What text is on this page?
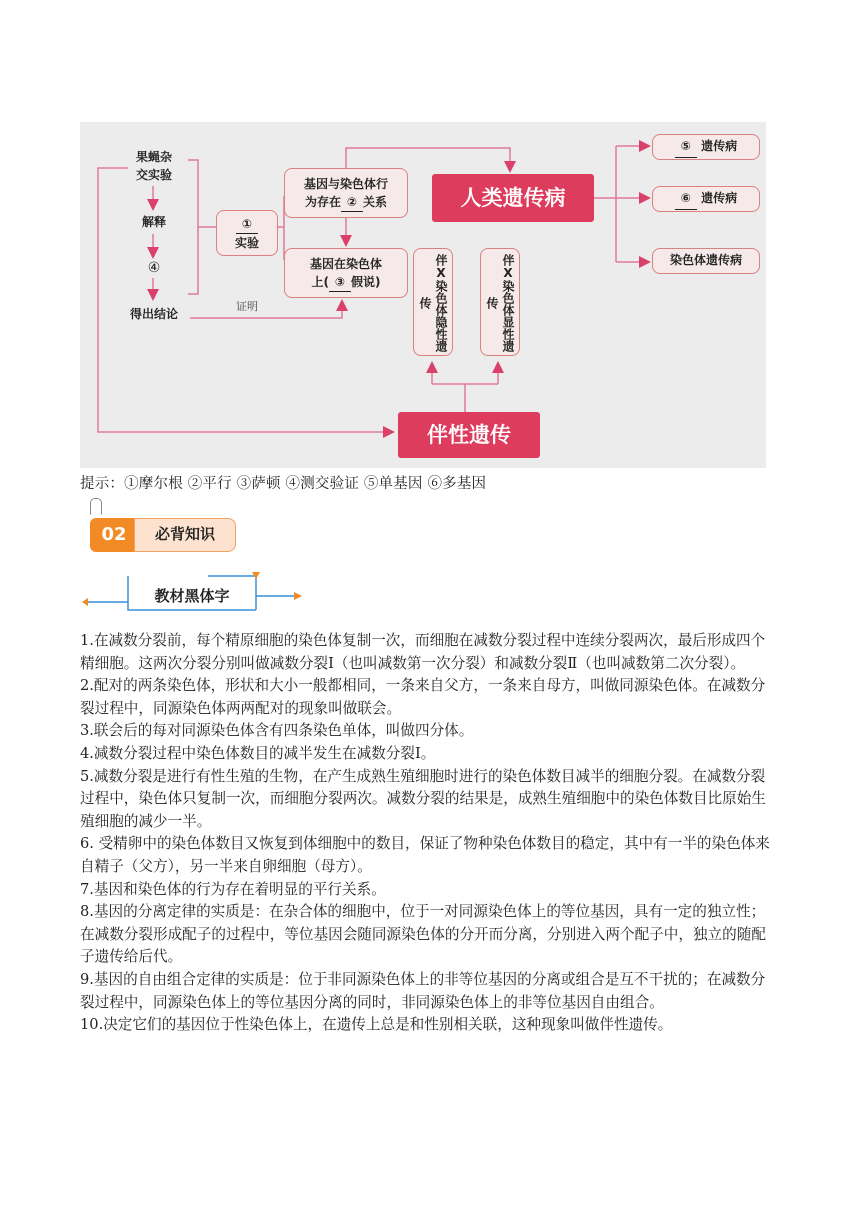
果蝇杂
交实验
解释
④
得出结论
①
实验
基因与染色体行
为存在 ② 关系
基因在染色体
上( ③ 假说)
证明
人类遗传病
⑤ 遗传病
⑥ 遗传病
染色体遗传病
伴X染色体隐性遗传	伴X染色体显性遗传
伴性遗传
提示：①摩尔根 ②平行 ③萨顿 ④测交验证 ⑤单基因 ⑥多基因
02	必背知识
教材黑体字

1.在减数分裂前，每个精原细胞的染色体复制一次，而细胞在减数分裂过程中连续分裂两次，最后形成四个精细胞。这两次分裂分别叫做减数分裂Ⅰ（也叫减数第一次分裂）和减数分裂Ⅱ（也叫减数第二次分裂）。

2.配对的两条染色体，形状和大小一般都相同，一条来自父方，一条来自母方，叫做同源染色体。在减数分裂过程中，同源染色体两两配对的现象叫做联会。

3.联会后的每对同源染色体含有四条染色单体，叫做四分体。

4.减数分裂过程中染色体数目的减半发生在减数分裂Ⅰ。

5.减数分裂是进行有性生殖的生物，在产生成熟生殖细胞时进行的染色体数目减半的细胞分裂。在减数分裂过程中，染色体只复制一次，而细胞分裂两次。减数分裂的结果是，成熟生殖细胞中的染色体数目比原始生殖细胞的减少一半。

6. 受精卵中的染色体数目又恢复到体细胞中的数目，保证了物种染色体数目的稳定，其中有一半的染色体来自精子（父方），另一半来自卵细胞（母方）。

7.基因和染色体的行为存在着明显的平行关系。

8.基因的分离定律的实质是：在杂合体的细胞中，位于一对同源染色体上的等位基因，具有一定的独立性；在减数分裂形成配子的过程中，等位基因会随同源染色体的分开而分离，分别进入两个配子中，独立的随配子遗传给后代。

9.基因的自由组合定律的实质是：位于非同源染色体上的非等位基因的分离或组合是互不干扰的；在减数分裂过程中，同源染色体上的等位基因分离的同时，非同源染色体上的非等位基因自由组合。

10.决定它们的基因位于性染色体上，在遗传上总是和性别相关联，这种现象叫做伴性遗传。
